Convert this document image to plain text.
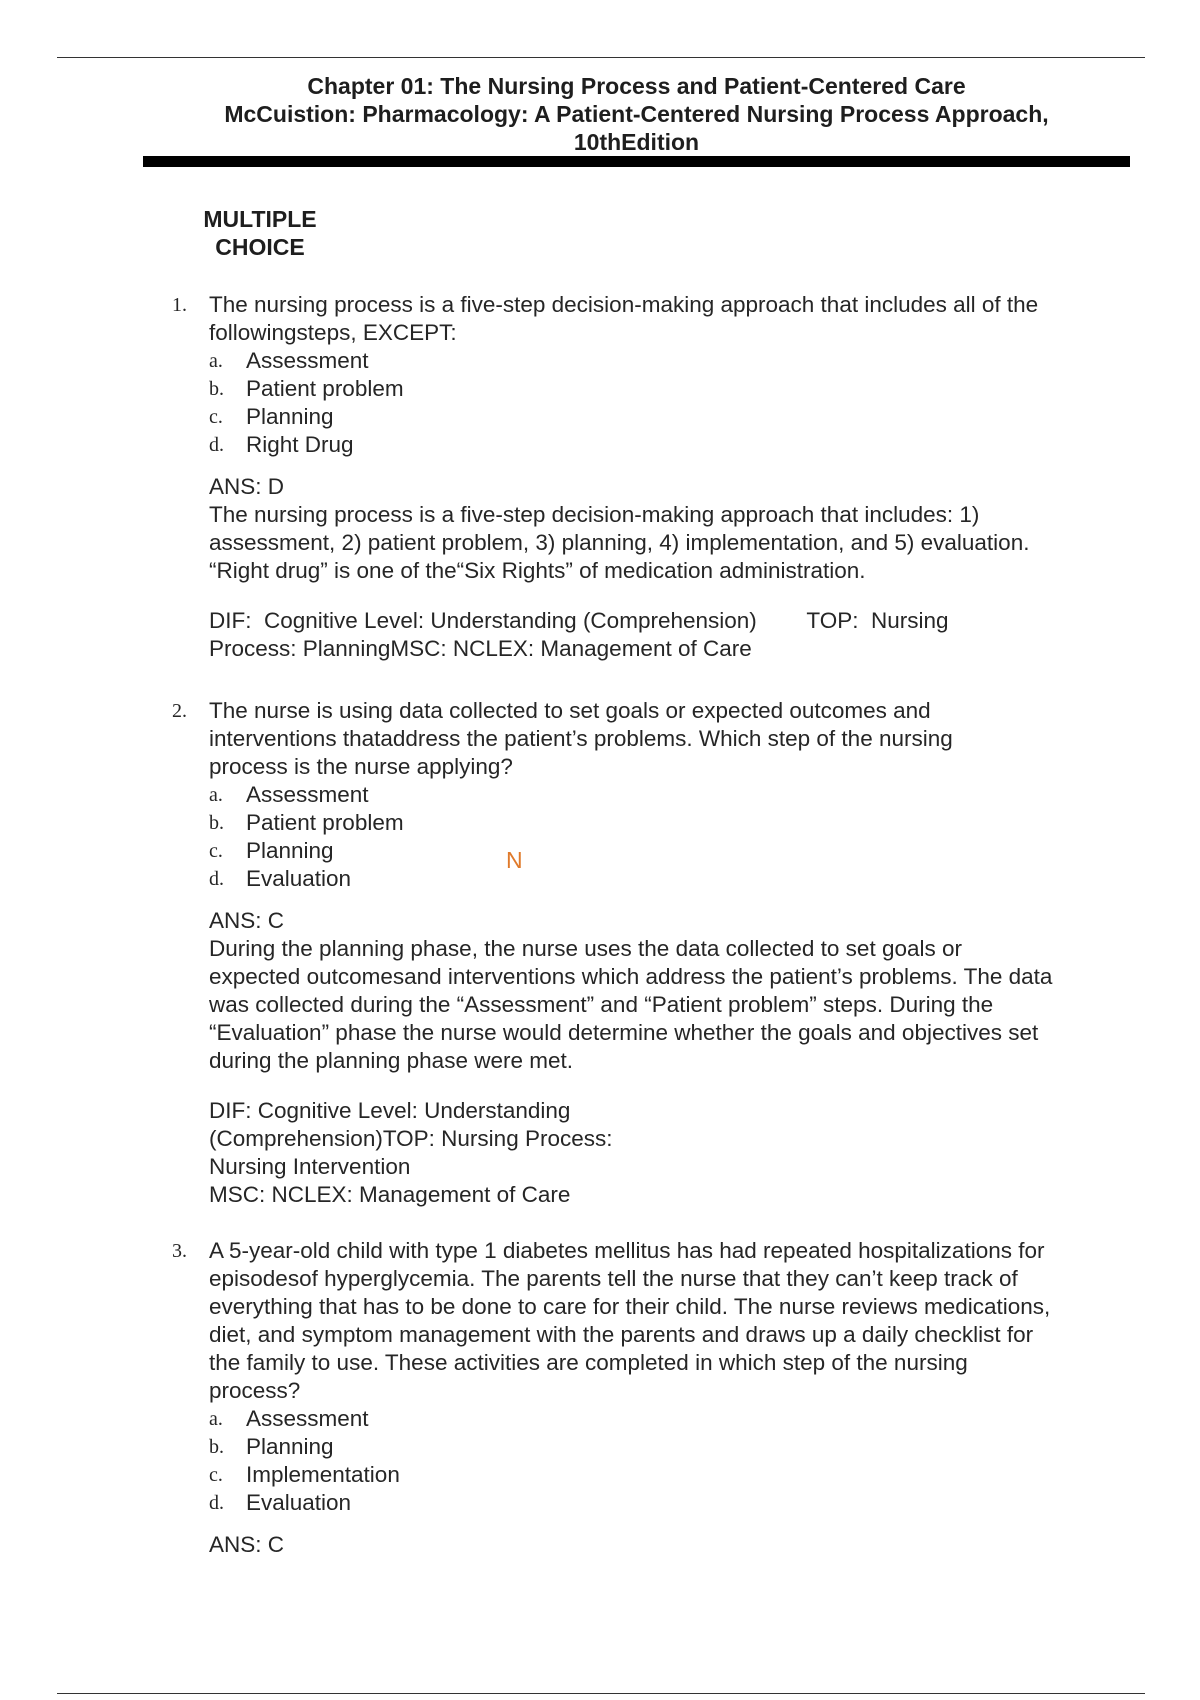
Chapter 01: The Nursing Process and Patient-Centered Care
McCuistion: Pharmacology: A Patient-Centered Nursing Process Approach,
10thEdition
MULTIPLE
CHOICE
1. The nursing process is a five-step decision-making approach that includes all of the
followingsteps, EXCEPT:
a. Assessment
b. Patient problem
c. Planning
d. Right Drug
ANS: D
The nursing process is a five-step decision-making approach that includes: 1)
assessment, 2) patient problem, 3) planning, 4) implementation, and 5) evaluation.
“Right drug” is one of the“Six Rights” of medication administration.
DIF:  Cognitive Level: Understanding (Comprehension)        TOP:  Nursing
Process: PlanningMSC: NCLEX: Management of Care
2. The nurse is using data collected to set goals or expected outcomes and
interventions thataddress the patient’s problems. Which step of the nursing
process is the nurse applying?
a. Assessment
b. Patient problem
c. Planning
d. Evaluation
ANS: C
During the planning phase, the nurse uses the data collected to set goals or
expected outcomesand interventions which address the patient’s problems. The data
was collected during the “Assessment” and “Patient problem” steps. During the
“Evaluation” phase the nurse would determine whether the goals and objectives set
during the planning phase were met.
DIF: Cognitive Level: Understanding
(Comprehension)TOP: Nursing Process:
Nursing Intervention
MSC: NCLEX: Management of Care
N
3. A 5-year-old child with type 1 diabetes mellitus has had repeated hospitalizations for
episodesof hyperglycemia. The parents tell the nurse that they can’t keep track of
everything that has to be done to care for their child. The nurse reviews medications,
diet, and symptom management with the parents and draws up a daily checklist for
the family to use. These activities are completed in which step of the nursing
process?
a. Assessment
b. Planning
c. Implementation
d. Evaluation
ANS: C
